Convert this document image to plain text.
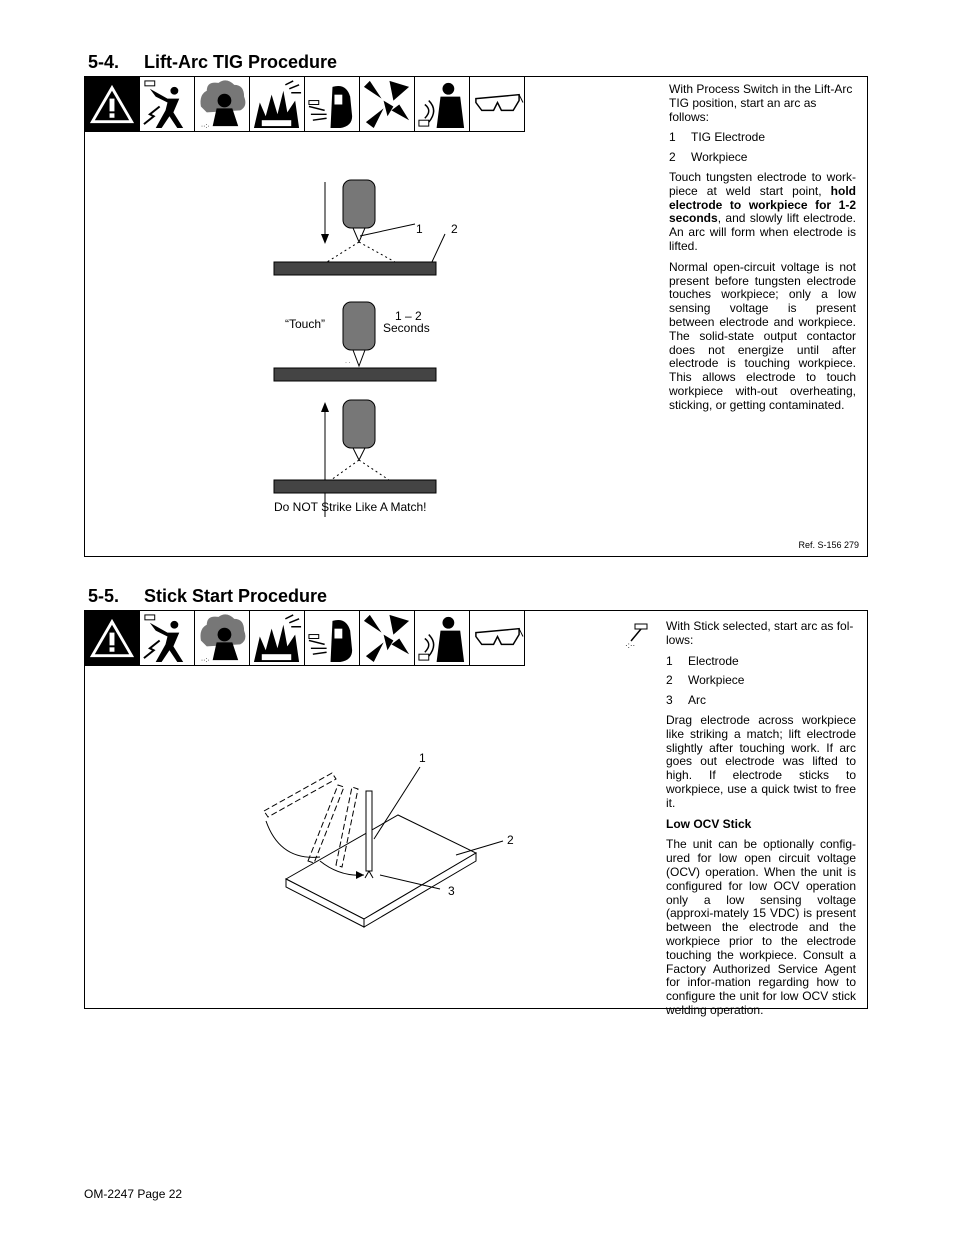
5-4. Lift-Arc TIG Procedure
··:·
· ·
1 2
“Touch”
1 – 2
Seconds
Do NOT Strike Like A Match!

With Process Switch in the Lift-Arc TIG position, start an arc as follows:

1 TIG Electrode
2 Workpiece

Touch tungsten electrode to work-piece at weld start point, hold electrode to workpiece for 1-2 seconds, and slowly lift electrode. An arc will form when electrode is lifted.

Normal open-circuit voltage is not present before tungsten electrode touches workpiece; only a low sensing voltage is present between electrode and workpiece. The solid-state output contactor does not energize until after electrode is touching workpiece. This allows electrode to touch workpiece with-out overheating, sticking, or getting contaminated.

Ref. S-156 279
5-5. Stick Start Procedure
··:·
·:··
1
2
3

With Stick selected, start arc as fol-lows:

1 Electrode
2 Workpiece
3 Arc

Drag electrode across workpiece like striking a match; lift electrode slightly after touching work. If arc goes out electrode was lifted to high. If electrode sticks to workpiece, use a quick twist to free it.

Low OCV Stick

The unit can be optionally config-ured for low open circuit voltage (OCV) operation. When the unit is configured for low OCV operation only a low sensing voltage (approxi-mately 15 VDC) is present between the electrode and the workpiece prior to the electrode touching the workpiece. Consult a Factory Authorized Service Agent for infor-mation regarding how to configure the unit for low OCV stick welding operation.

OM-2247 Page 22
